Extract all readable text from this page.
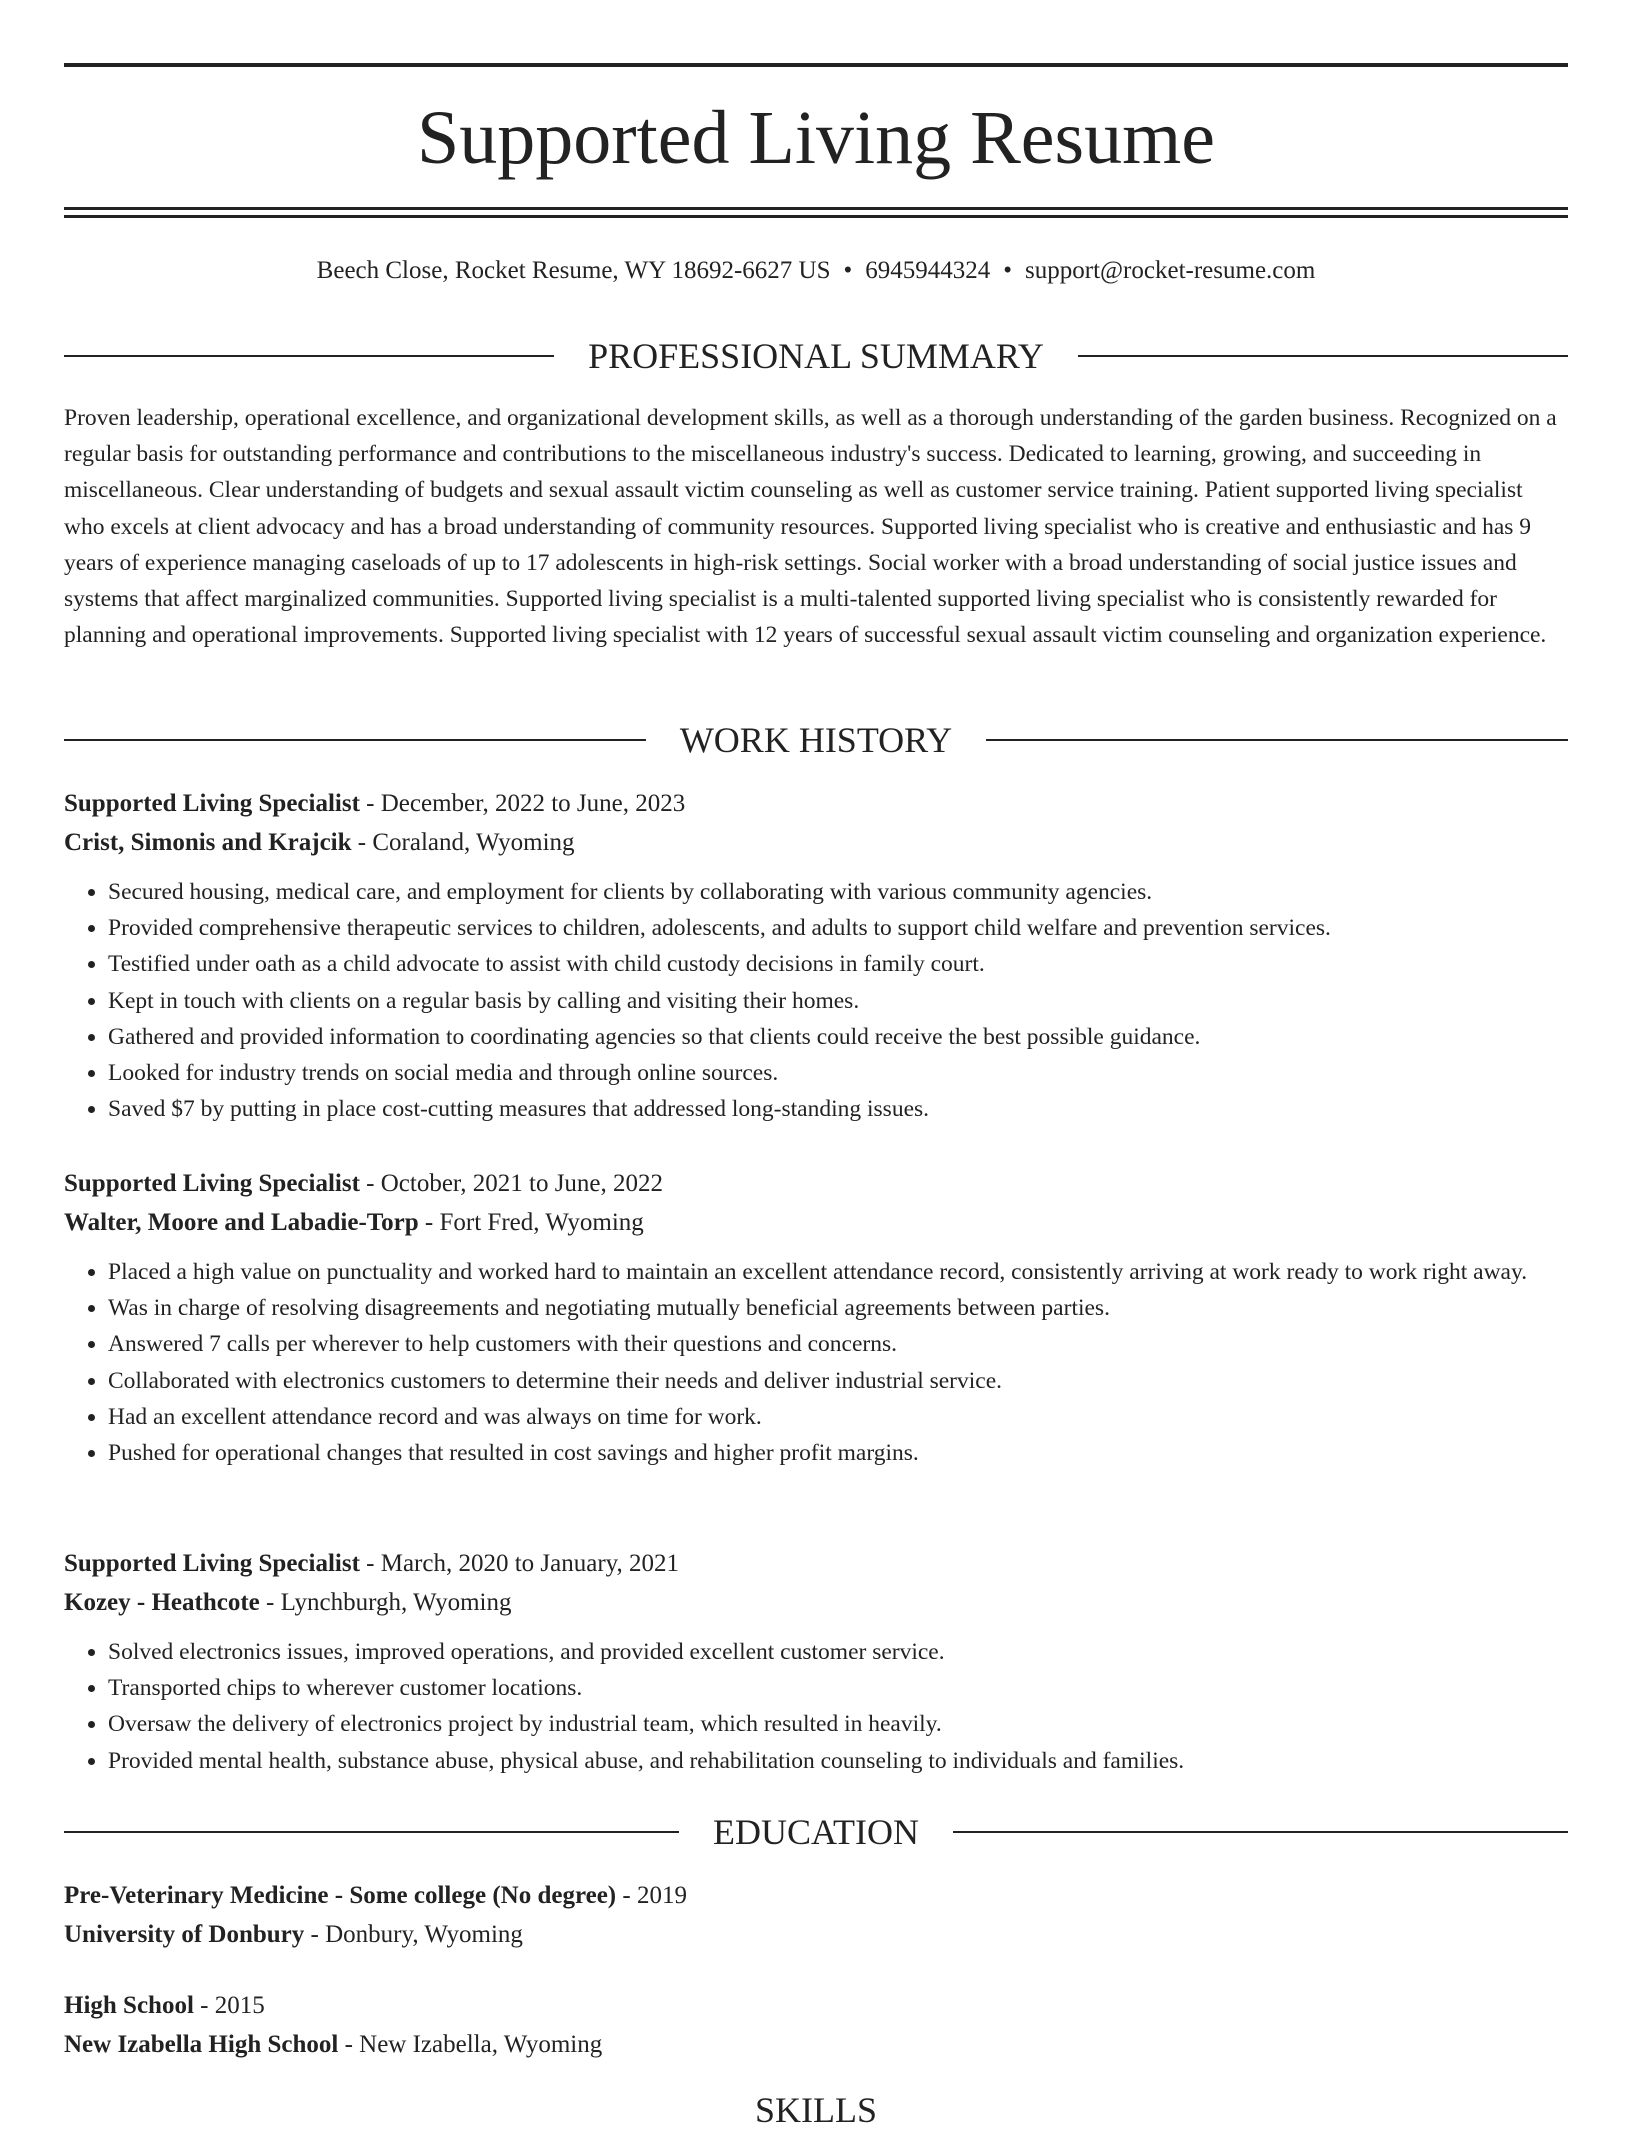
Supported Living Resume
Beech Close, Rocket Resume, WY 18692-6627 US • 6945944324 • support@rocket-resume.com
PROFESSIONAL SUMMARY

Proven leadership, operational excellence, and organizational development skills, as well as a thorough understanding of the garden business. Recognized on a regular basis for outstanding performance and contributions to the miscellaneous industry's success. Dedicated to learning, growing, and succeeding in miscellaneous. Clear understanding of budgets and sexual assault victim counseling as well as customer service training. Patient supported living specialist who excels at client advocacy and has a broad understanding of community resources. Supported living specialist who is creative and enthusiastic and has 9 years of experience managing caseloads of up to 17 adolescents in high-risk settings. Social worker with a broad understanding of social justice issues and systems that affect marginalized communities. Supported living specialist is a multi-talented supported living specialist who is consistently rewarded for planning and operational improvements. Supported living specialist with 12 years of successful sexual assault victim counseling and organization experience.

WORK HISTORY
Supported Living Specialist - December, 2022 to June, 2023
Crist, Simonis and Krajcik - Coraland, Wyoming
• Secured housing, medical care, and employment for clients by collaborating with various community agencies.
• Provided comprehensive therapeutic services to children, adolescents, and adults to support child welfare and prevention services.
• Testified under oath as a child advocate to assist with child custody decisions in family court.
• Kept in touch with clients on a regular basis by calling and visiting their homes.
• Gathered and provided information to coordinating agencies so that clients could receive the best possible guidance.
• Looked for industry trends on social media and through online sources.
• Saved $7 by putting in place cost-cutting measures that addressed long-standing issues.
Supported Living Specialist - October, 2021 to June, 2022
Walter, Moore and Labadie-Torp - Fort Fred, Wyoming
• Placed a high value on punctuality and worked hard to maintain an excellent attendance record, consistently arriving at work ready to work right away.
• Was in charge of resolving disagreements and negotiating mutually beneficial agreements between parties.
• Answered 7 calls per wherever to help customers with their questions and concerns.
• Collaborated with electronics customers to determine their needs and deliver industrial service.
• Had an excellent attendance record and was always on time for work.
• Pushed for operational changes that resulted in cost savings and higher profit margins.
Supported Living Specialist - March, 2020 to January, 2021
Kozey - Heathcote - Lynchburgh, Wyoming
• Solved electronics issues, improved operations, and provided excellent customer service.
• Transported chips to wherever customer locations.
• Oversaw the delivery of electronics project by industrial team, which resulted in heavily.
• Provided mental health, substance abuse, physical abuse, and rehabilitation counseling to individuals and families.
EDUCATION
Pre-Veterinary Medicine - Some college (No degree) - 2019
University of Donbury - Donbury, Wyoming
High School - 2015
New Izabella High School - New Izabella, Wyoming
SKILLS
